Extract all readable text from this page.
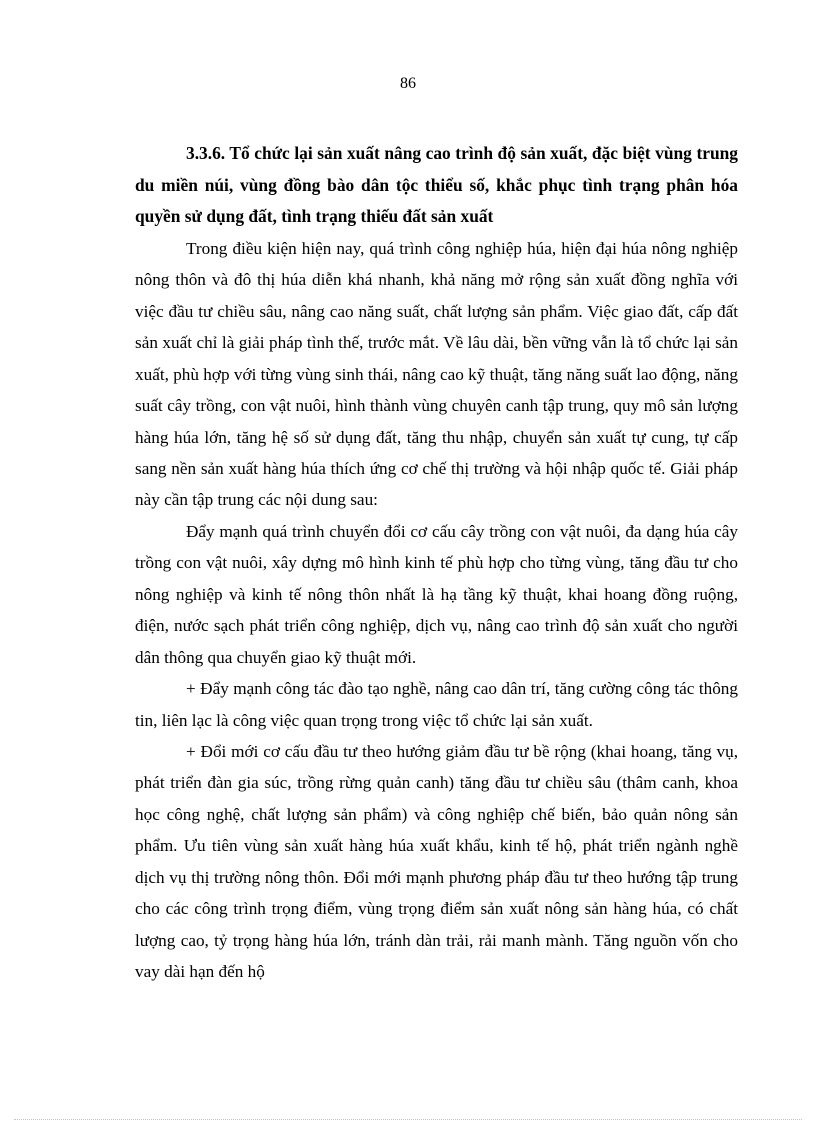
86

3.3.6. Tổ chức lại sản xuất nâng cao trình độ sản xuất, đặc biệt vùng trung du miền núi, vùng đồng bào dân tộc thiểu số, khắc phục tình trạng phân hóa quyền sử dụng đất, tình trạng thiếu đất sản xuất

Trong điều kiện hiện nay, quá trình công nghiệp húa, hiện đại húa nông nghiệp nông thôn và đô thị húa diễn khá nhanh, khả năng mở rộng sản xuất đồng nghĩa với việc đầu tư chiều sâu, nâng cao năng suất, chất lượng sản phẩm. Việc giao đất, cấp đất sản xuất chỉ là giải pháp tình thế, trước mắt. Về lâu dài, bền vững vẫn là tổ chức lại sản xuất, phù hợp với từng vùng sinh thái, nâng cao kỹ thuật, tăng năng suất lao động, năng suất cây trồng, con vật nuôi, hình thành vùng chuyên canh tập trung, quy mô sản lượng hàng húa lớn, tăng hệ số sử dụng đất, tăng thu nhập, chuyển sản xuất tự cung, tự cấp sang nền sản xuất hàng húa thích ứng cơ chế thị trường và hội nhập quốc tế. Giải pháp này cần tập trung các nội dung sau:

Đẩy mạnh quá trình chuyển đổi cơ cấu cây trồng con vật nuôi, đa dạng húa cây trồng con vật nuôi, xây dựng mô hình kinh tế phù hợp cho từng vùng, tăng đầu tư cho nông nghiệp và kinh tế nông thôn nhất là hạ tầng kỹ thuật, khai hoang đồng ruộng, điện, nước sạch phát triển công nghiệp, dịch vụ, nâng cao trình độ sản xuất cho người dân thông qua chuyển giao kỹ thuật mới.

+ Đẩy mạnh công tác đào tạo nghề, nâng cao dân trí, tăng cường công tác thông tin, liên lạc là công việc quan trọng trong việc tổ chức lại sản xuất.

+ Đổi mới cơ cấu đầu tư theo hướng giảm đầu tư bề rộng (khai hoang, tăng vụ, phát triển đàn gia súc, trồng rừng quản canh) tăng đầu tư chiều sâu (thâm canh, khoa học công nghệ, chất lượng sản phẩm) và công nghiệp chế biến, bảo quản nông sản phẩm. Ưu tiên vùng sản xuất hàng húa xuất khẩu, kinh tế hộ, phát triển ngành nghề dịch vụ thị trường nông thôn. Đổi mới mạnh phương pháp đầu tư theo hướng tập trung cho các công trình trọng điểm, vùng trọng điểm sản xuất nông sản hàng húa, có chất lượng cao, tỷ trọng hàng húa lớn, tránh dàn trải, rải manh mành. Tăng nguồn vốn cho vay dài hạn đến hộ
